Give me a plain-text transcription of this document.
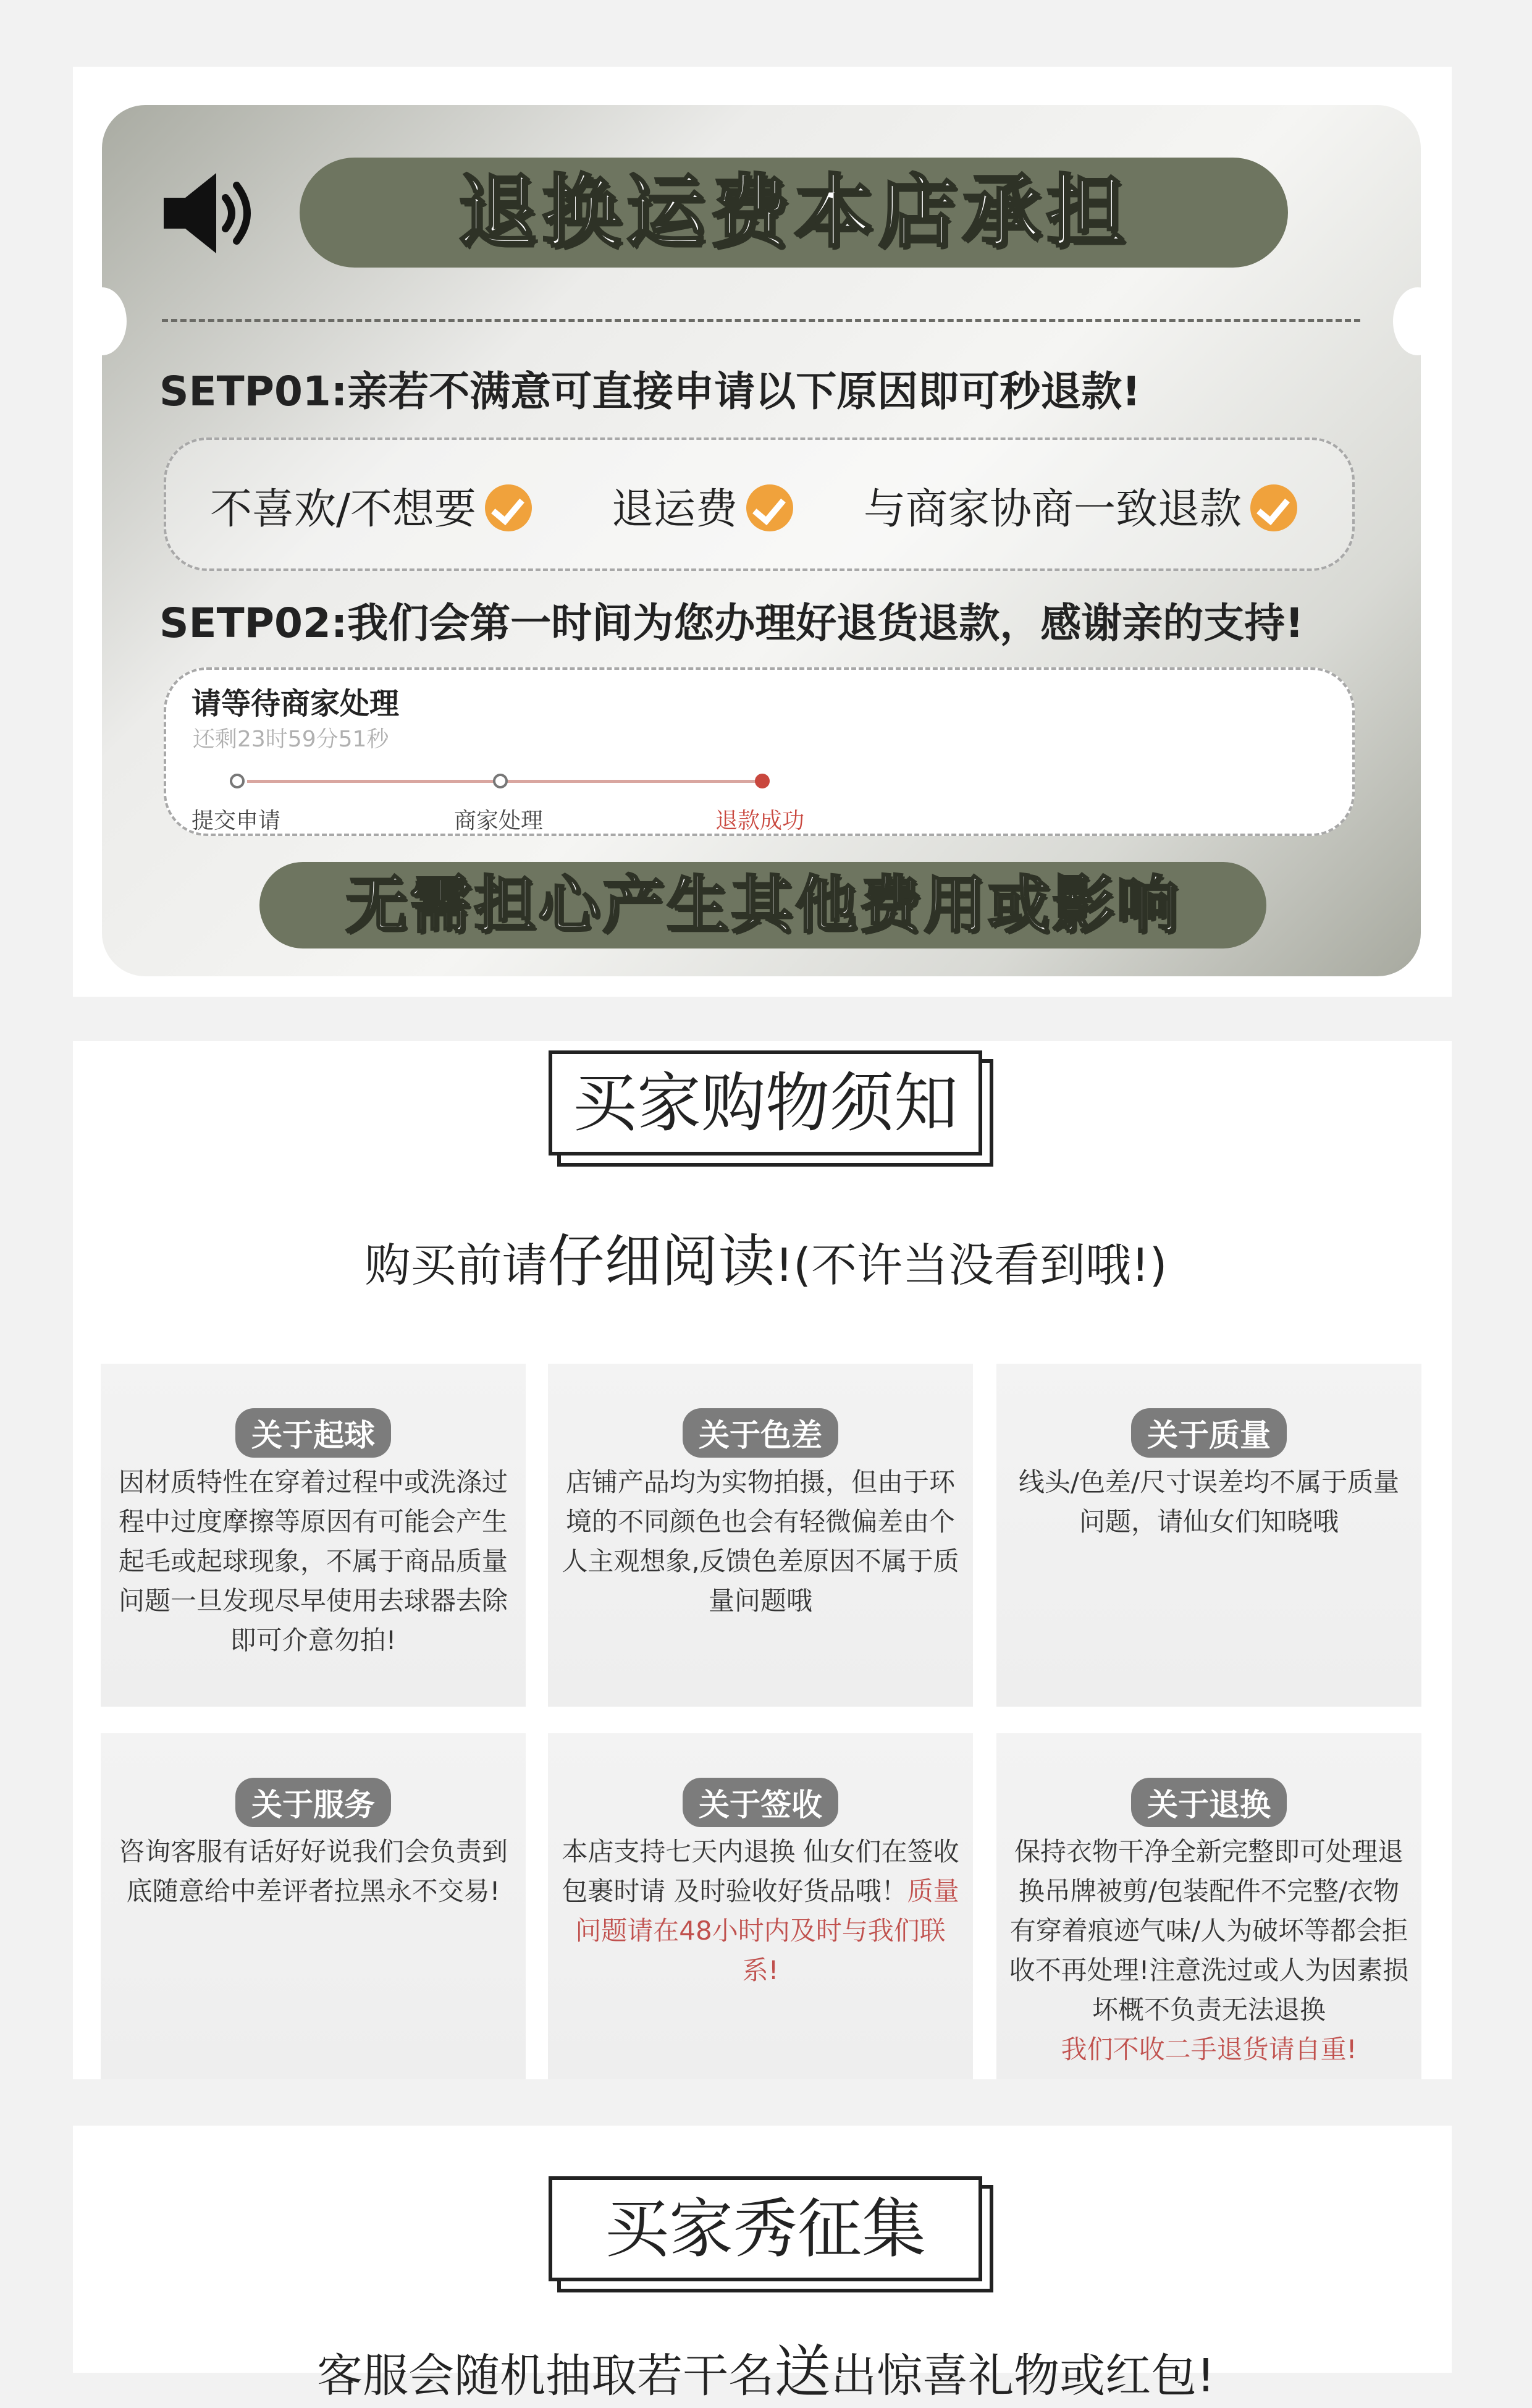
退换运费本店承担
SETP01:亲若不满意可直接申请以下原因即可秒退款!
不喜欢/不想要	退运费	与商家协商一致退款
SETP02:我们会第一时间为您办理好退货退款，感谢亲的支持!
请等待商家处理
还剩23时59分51秒
提交申请	商家处理	退款成功
无需担心产生其他费用或影响
买家购物须知
购买前请仔细阅读!(不许当没看到哦!)
关于起球
因材质特性在穿着过程中或洗涤过程中过度摩擦等原因有可能会产生起毛或起球现象，不属于商品质量问题一旦发现尽早使用去球器去除即可介意勿拍!
关于色差
店铺产品均为实物拍摄，但由于环境的不同颜色也会有轻微偏差由个人主观想象,反馈色差原因不属于质量问题哦
关于质量
线头/色差/尺寸误差均不属于质量问题，请仙女们知晓哦
关于服务
咨询客服有话好好说我们会负责到底随意给中差评者拉黑永不交易!
关于签收
本店支持七天内退换 仙女们在签收包裹时请 及时验收好货品哦！质量问题请在48小时内及时与我们联系!
关于退换
保持衣物干净全新完整即可处理退换吊牌被剪/包装配件不完整/衣物有穿着痕迹气味/人为破坏等都会拒收不再处理!注意洗过或人为因素损坏概不负责无法退换
我们不收二手退货请自重!
买家秀征集
客服会随机抽取若干名送出惊喜礼物或红包!
